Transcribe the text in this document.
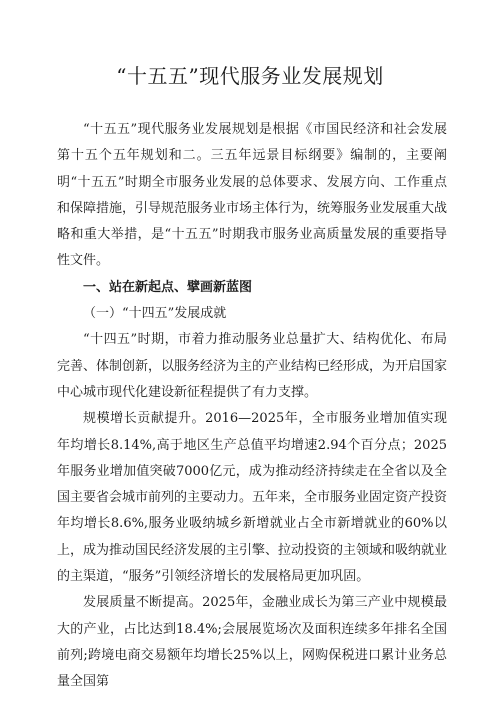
“十五五”现代服务业发展规划

“十五五”现代服务业发展规划是根据《市国民经济和社会发展第十五个五年规划和二。三五年远景目标纲要》编制的，主要阐明“十五五”时期全市服务业发展的总体要求、发展方向、工作重点和保障措施，引导规范服务业市场主体行为，统筹服务业发展重大战略和重大举措，是“十五五”时期我市服务业高质量发展的重要指导性文件。

一、站在新起点、擘画新蓝图

（一）“十四五”发展成就

“十四五”时期，市着力推动服务业总量扩大、结构优化、布局完善、体制创新，以服务经济为主的产业结构已经形成，为开启国家中心城市现代化建设新征程提供了有力支撑。

规模增长贡献提升。2016—2025年，全市服务业增加值实现年均增长8.14%,高于地区生产总值平均增速2.94个百分点；2025年服务业增加值突破7000亿元，成为推动经济持续走在全省以及全国主要省会城市前列的主要动力。五年来，全市服务业固定资产投资年均增长8.6%,服务业吸纳城乡新增就业占全市新增就业的60%以上，成为推动国民经济发展的主引擎、拉动投资的主领域和吸纳就业的主渠道，“服务”引领经济增长的发展格局更加巩固。

发展质量不断提高。2025年，金融业成长为第三产业中规模最大的产业，占比达到18.4%;会展展览场次及面积连续多年排名全国前列;跨境电商交易额年均增长25%以上，网购保税进口累计业务总量全国第
